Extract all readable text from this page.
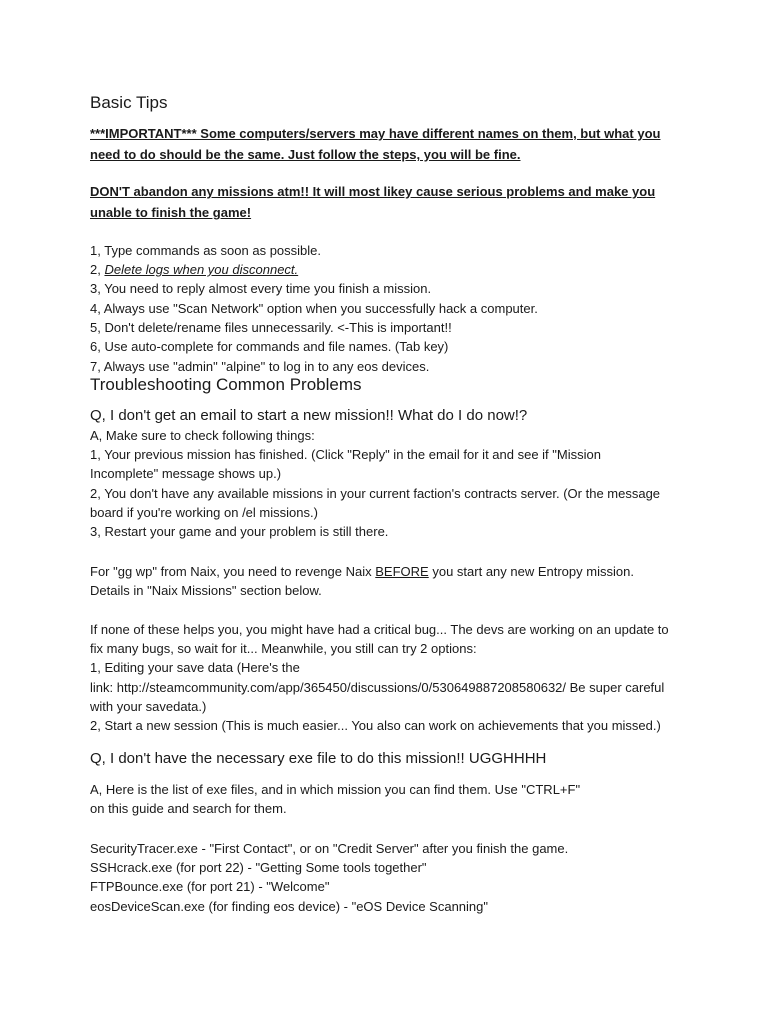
Basic Tips
***IMPORTANT*** Some computers/servers may have different names on them, but what you need to do should be the same. Just follow the steps, you will be fine.
DON'T abandon any missions atm!! It will most likey cause serious problems and make you unable to finish the game!
1, Type commands as soon as possible.
2, Delete logs when you disconnect.
3, You need to reply almost every time you finish a mission.
4, Always use "Scan Network" option when you successfully hack a computer.
5, Don't delete/rename files unnecessarily. <-This is important!!
6, Use auto-complete for commands and file names. (Tab key)
7, Always use "admin" "alpine" to log in to any eos devices.
Troubleshooting Common Problems
Q, I don't get an email to start a new mission!! What do I do now!?
A, Make sure to check following things:
1, Your previous mission has finished. (Click "Reply" in the email for it and see if "Mission
Incomplete" message shows up.)
2, You don't have any available missions in your current faction's contracts server. (Or the message
board if you're working on /el missions.)
3, Restart your game and your problem is still there.
For "gg wp" from Naix, you need to revenge Naix BEFORE you start any new Entropy mission.
Details in "Naix Missions" section below.
If none of these helps you, you might have had a critical bug... The devs are working on an update to
fix many bugs, so wait for it... Meanwhile, you still can try 2 options:
1, Editing your save data (Here's the
link: http://steamcommunity.com/app/365450/discussions/0/530649887208580632/ Be super careful
with your savedata.)
2, Start a new session (This is much easier... You also can work on achievements that you missed.)
Q, I don't have the necessary exe file to do this mission!! UGGHHHH
A, Here is the list of exe files, and in which mission you can find them. Use "CTRL+F"
on this guide and search for them.
SecurityTracer.exe - "First Contact", or on "Credit Server" after you finish the game.
SSHcrack.exe (for port 22) - "Getting Some tools together"
FTPBounce.exe (for port 21) - "Welcome"
eosDeviceScan.exe (for finding eos device) - "eOS Device Scanning"
